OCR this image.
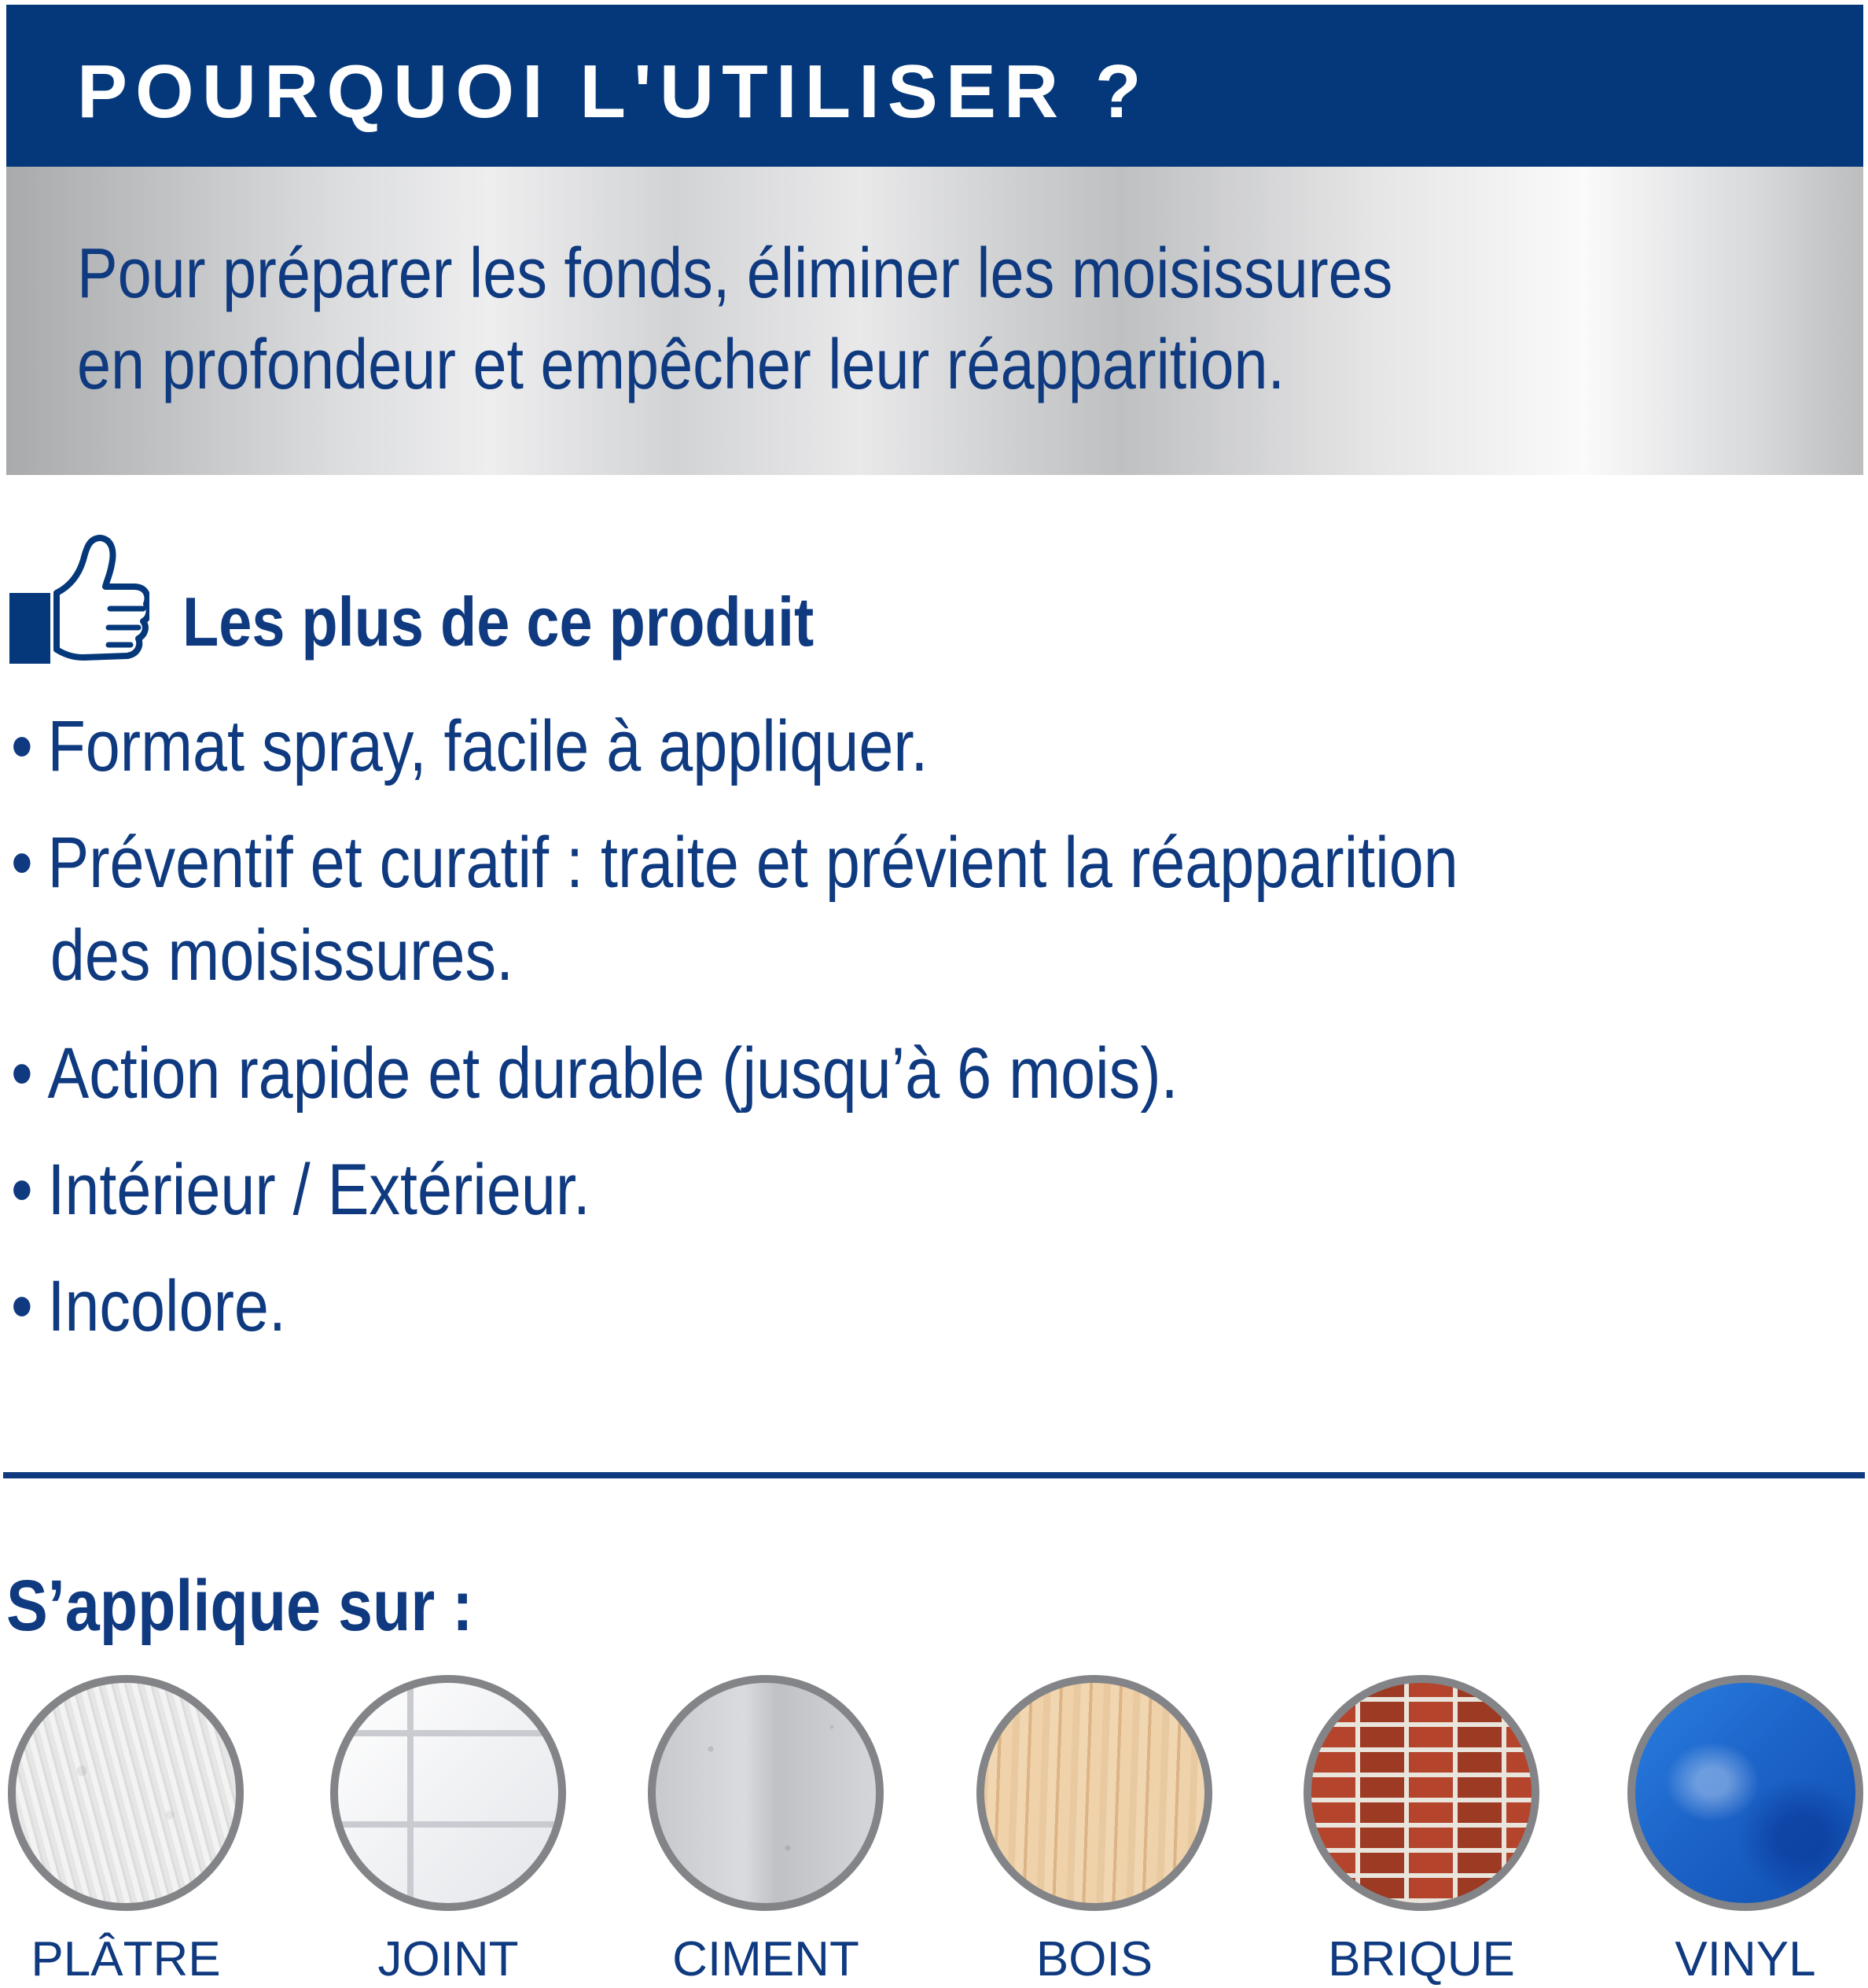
POURQUOI L'UTILISER ?
Pour préparer les fonds, éliminer les moisissures
en profondeur et empêcher leur réapparition.
Les plus de ce produit
• Format spray, facile à appliquer.
• Préventif et curatif : traite et prévient la réapparition
des moisissures.
• Action rapide et durable (jusqu’à 6 mois).
• Intérieur / Extérieur.
• Incolore.
S’applique sur :
PLÂTRE	JOINT	CIMENT	BOIS	BRIQUE	VINYL
